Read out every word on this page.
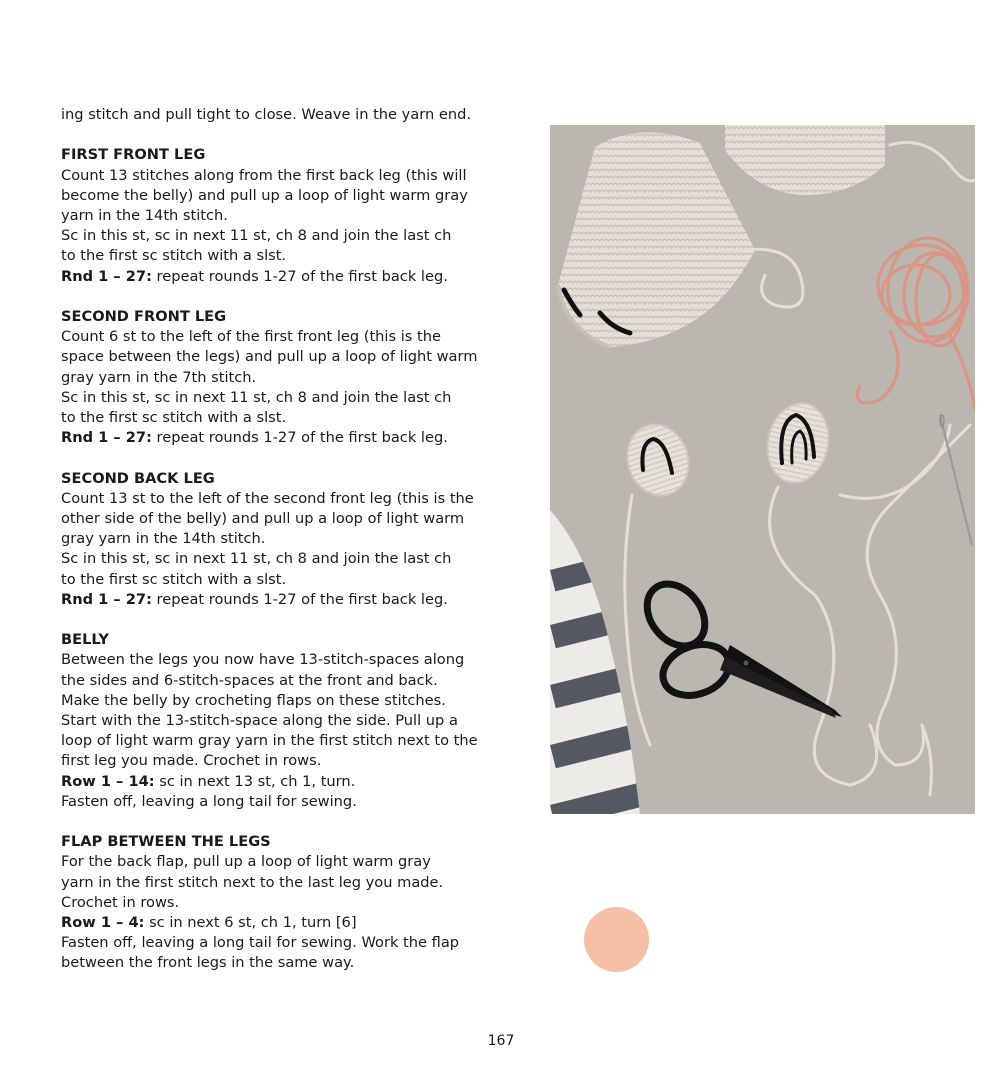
ing stitch and pull tight to close. Weave in the yarn end.
FIRST FRONT LEG
Count 13 stitches along from the first back leg (this will
become the belly) and pull up a loop of light warm gray
yarn in the 14th stitch.
Sc in this st, sc in next 11 st, ch 8 and join the last ch
to the first sc stitch with a slst.
Rnd 1 – 27: repeat rounds 1-27 of the first back leg.
SECOND FRONT LEG
Count 6 st to the left of the first front leg (this is the
space between the legs) and pull up a loop of light warm
gray yarn in the 7th stitch.
Sc in this st, sc in next 11 st, ch 8 and join the last ch
to the first sc stitch with a slst.
Rnd 1 – 27: repeat rounds 1-27 of the first back leg.
SECOND BACK LEG
Count 13 st to the left of the second front leg (this is the
other side of the belly) and pull up a loop of light warm
gray yarn in the 14th stitch.
Sc in this st, sc in next 11 st, ch 8 and join the last ch
to the first sc stitch with a slst.
Rnd 1 – 27: repeat rounds 1-27 of the first back leg.
BELLY
Between the legs you now have 13-stitch-spaces along
the sides and 6-stitch-spaces at the front and back.
Make the belly by crocheting flaps on these stitches.
Start with the 13-stitch-space along the side. Pull up a
loop of light warm gray yarn in the first stitch next to the
first leg you made. Crochet in rows.
Row 1 – 14: sc in next 13 st, ch 1, turn.
Fasten off, leaving a long tail for sewing.
FLAP BETWEEN THE LEGS
For the back flap, pull up a loop of light warm gray
yarn in the first stitch next to the last leg you made.
Crochet in rows.
Row 1 – 4: sc in next 6 st, ch 1, turn [6]
Fasten off, leaving a long tail for sewing. Work the flap
between the front legs in the same way.
167
